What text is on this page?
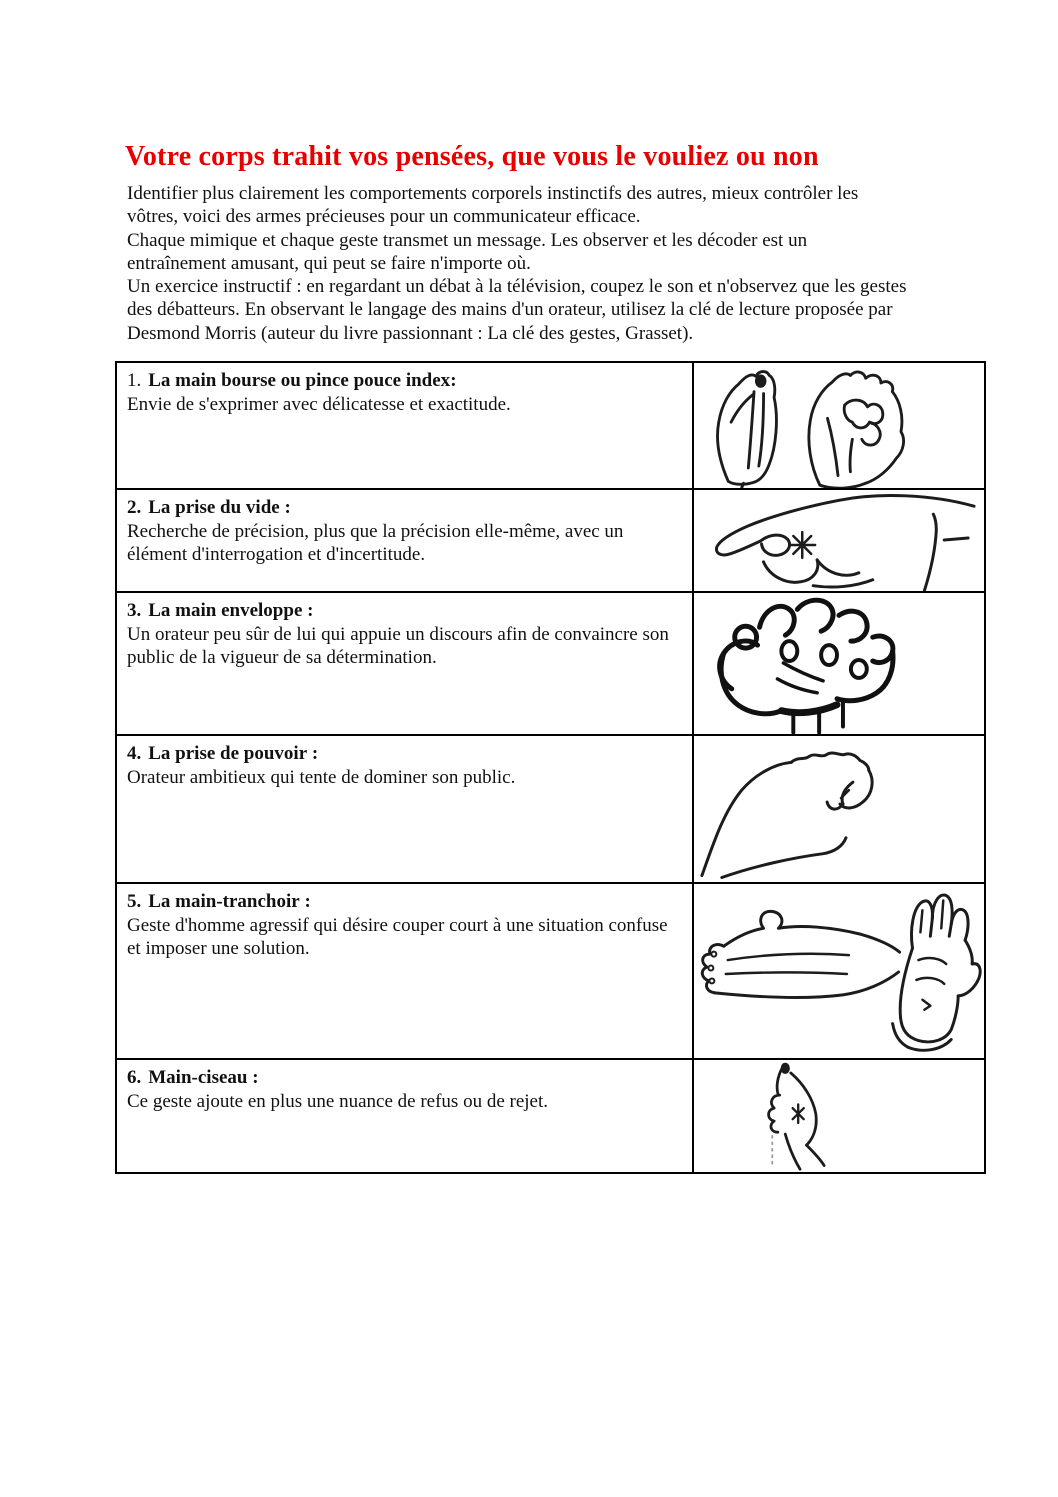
Votre corps trahit vos pensées, que vous le vouliez ou non
Identifier plus clairement les comportements corporels instinctifs des autres, mieux contrôler les
vôtres, voici des armes précieuses pour un communicateur efficace.
Chaque mimique et chaque geste transmet un message. Les observer et les décoder est un
entraînement amusant, qui peut se faire n'importe où.
Un exercice instructif : en regardant un débat à la télévision, coupez le son et n'observez que les gestes
des débatteurs. En observant le langage des mains d'un orateur, utilisez la clé de lecture proposée par
Desmond Morris (auteur du livre passionnant : La clé des gestes, Grasset).
1. La main bourse ou pince pouce index:
Envie de s'exprimer avec délicatesse et exactitude.

2. La prise du vide :
Recherche de précision, plus que la précision elle-même, avec un élément d'interrogation et d'incertitude.

3. La main enveloppe :
Un orateur peu sûr de lui qui appuie un discours afin de convaincre son public de la vigueur de sa détermination.

4. La prise de pouvoir :
Orateur ambitieux qui tente de dominer son public.

5. La main-tranchoir :
Geste d'homme agressif qui désire couper court à une situation confuse et imposer une solution.

6. Main-ciseau :
Ce geste ajoute en plus une nuance de refus ou de rejet.
